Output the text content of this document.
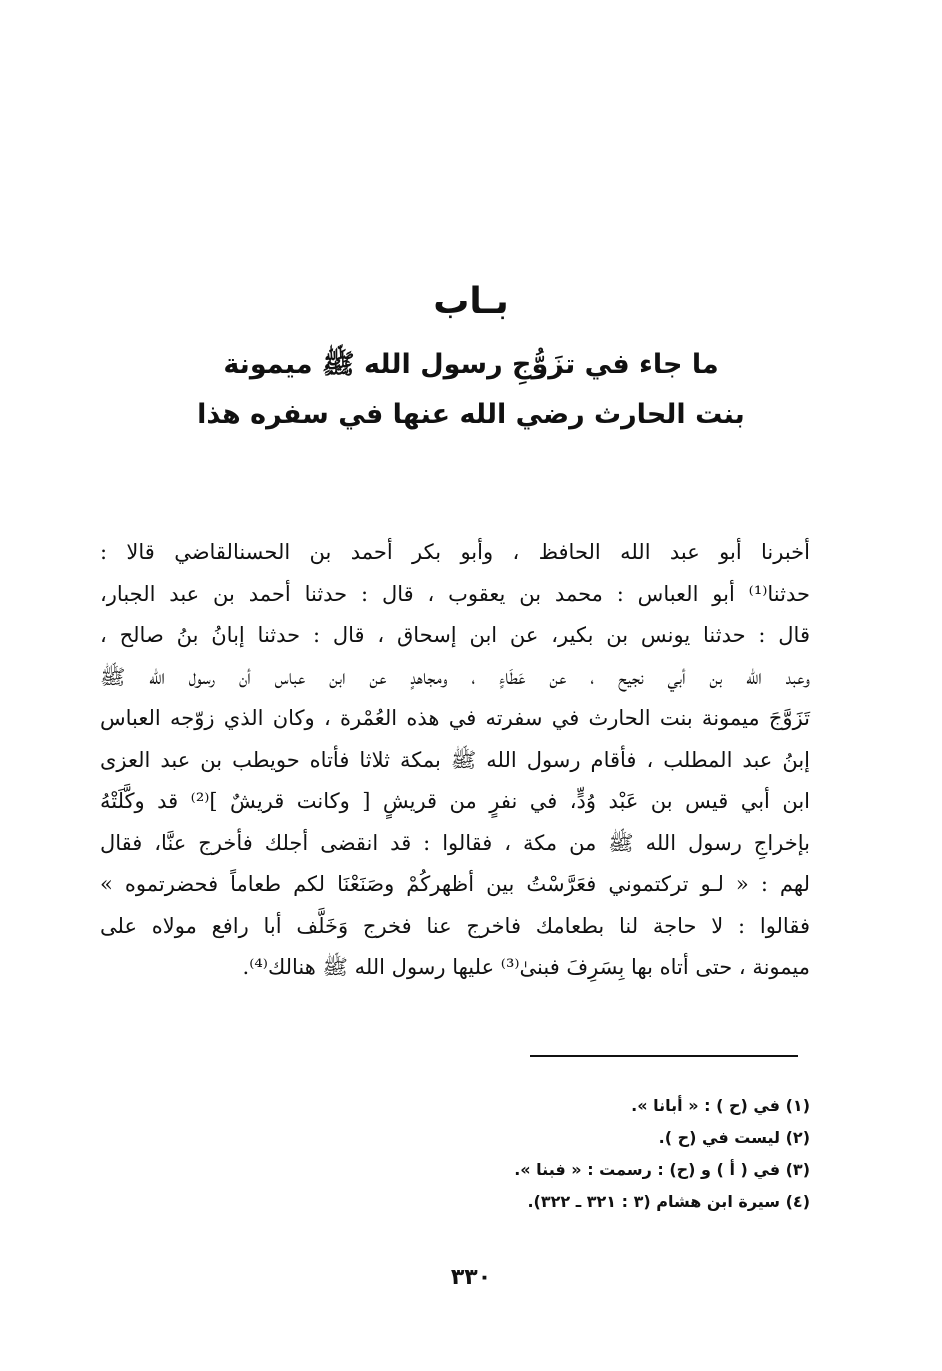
بـاب
ما جاء في تزَوُّجِ رسول الله ﷺ ميمونة
بنت الحارث رضي الله عنها في سفره هذا
أخبرنا أبو عبد الله الحافظ ، وأبو بكر أحمد بن الحسنالقاضي قالا :
حدثنا⁽¹⁾ أبو العباس : محمد بن يعقوب ، قال : حدثنا أحمد بن عبد الجبار،
قال : حدثنا يونس بن بكير، عن ابن إسحاق ، قال : حدثنا إبانُ بنُ صالح ،
وعبد الله بن أبي نجيح ، عن عَطَاءٍ ، ومجاهدٍ عن ابن عباس أن رسول الله ﷺ
تَزَوَّجَ ميمونة بنت الحارث في سفرته في هذه العُمْرة ، وكان الذي زوّجه العباس
إبنُ عبد المطلب ، فأقام رسول الله ﷺ بمكة ثلاثا فأتاه حويطب بن عبد العزى
ابن أبي قيس بن عَبْد وُدٍّ، في نفرٍ من قريشٍ [ وكانت قريشٌ ]⁽²⁾ قد وكَّلَتْهُ
بإخراجِ رسول الله ﷺ من مكة ، فقالوا : قد انقضى أجلك فأخرج عنَّا، فقال
لهم : « لـو تركتموني فعَرَّسْتُ بين أظهركُمْ وصَنَعْنَا لكم طعاماً فحضرتموه »
فقالوا : لا حاجة لنا بطعامك فاخرج عنا فخرج وَخَلَّف أبا رافع مولاه على
ميمونة ، حتى أتاه بها بِسَرِفَ فبنىٰ⁽³⁾ عليها رسول الله ﷺ هنالك⁽⁴⁾.
(١) في (ح ) : « أبانا ».
(٢) ليست في (ح ).
(٣) في ( أ ) و (ح) : رسمت : « فبنا ».
(٤) سيرة ابن هشام (٣ : ٣٢١ ـ ٣٢٢).
٣٣٠
